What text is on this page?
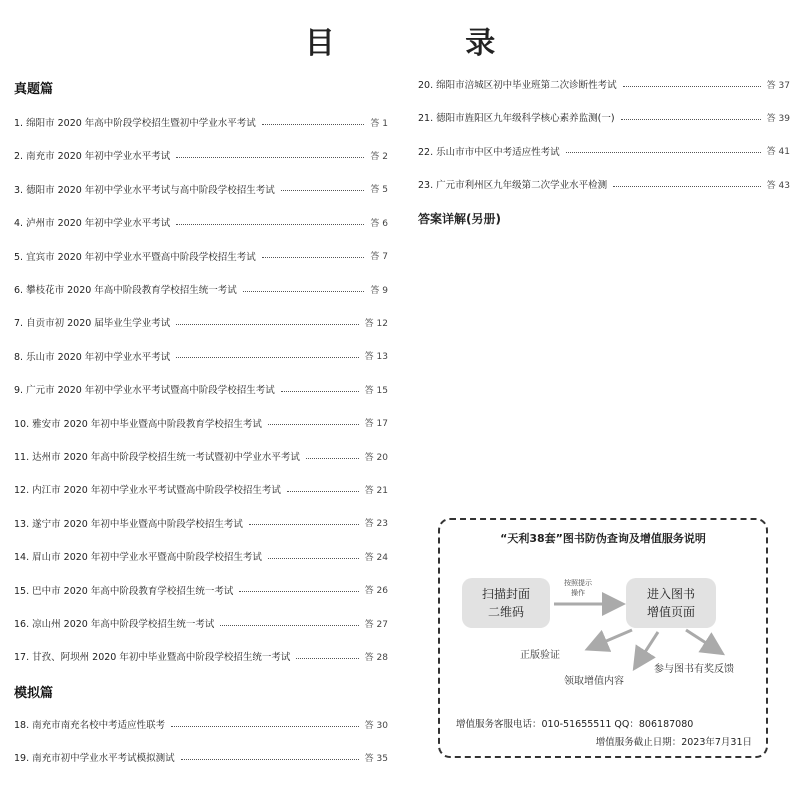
目 录
真题篇
1. 绵阳市 2020 年高中阶段学校招生暨初中学业水平考试	答 1
2. 南充市 2020 年初中学业水平考试	答 2
3. 德阳市 2020 年初中学业水平考试与高中阶段学校招生考试	答 5
4. 泸州市 2020 年初中学业水平考试	答 6
5. 宜宾市 2020 年初中学业水平暨高中阶段学校招生考试	答 7
6. 攀枝花市 2020 年高中阶段教育学校招生统一考试	答 9
7. 自贡市初 2020 届毕业生学业考试	答 12
8. 乐山市 2020 年初中学业水平考试	答 13
9. 广元市 2020 年初中学业水平考试暨高中阶段学校招生考试	答 15
10. 雅安市 2020 年初中毕业暨高中阶段教育学校招生考试	答 17
11. 达州市 2020 年高中阶段学校招生统一考试暨初中学业水平考试	答 20
12. 内江市 2020 年初中学业水平考试暨高中阶段学校招生考试	答 21
13. 遂宁市 2020 年初中毕业暨高中阶段学校招生考试	答 23
14. 眉山市 2020 年初中学业水平暨高中阶段学校招生考试	答 24
15. 巴中市 2020 年高中阶段教育学校招生统一考试	答 26
16. 凉山州 2020 年高中阶段学校招生统一考试	答 27
17. 甘孜、阿坝州 2020 年初中毕业暨高中阶段学校招生统一考试	答 28
模拟篇
18. 南充市南充名校中考适应性联考	答 30
19. 南充市初中学业水平考试模拟测试	答 35
20. 绵阳市涪城区初中毕业班第二次诊断性考试	答 37
21. 德阳市旌阳区九年级科学核心素养监测(一)	答 39
22. 乐山市市中区中考适应性考试	答 41
23. 广元市利州区九年级第二次学业水平检测	答 43
答案详解(另册)
“天利38套”图书防伪查询及增值服务说明
扫描封面
二维码
按照提示
操作	进入图书
增值页面
正版验证
领取增值内容
参与图书有奖反馈
增值服务客服电话：010-51655511 QQ：806187080
增值服务截止日期：2023年7月31日
